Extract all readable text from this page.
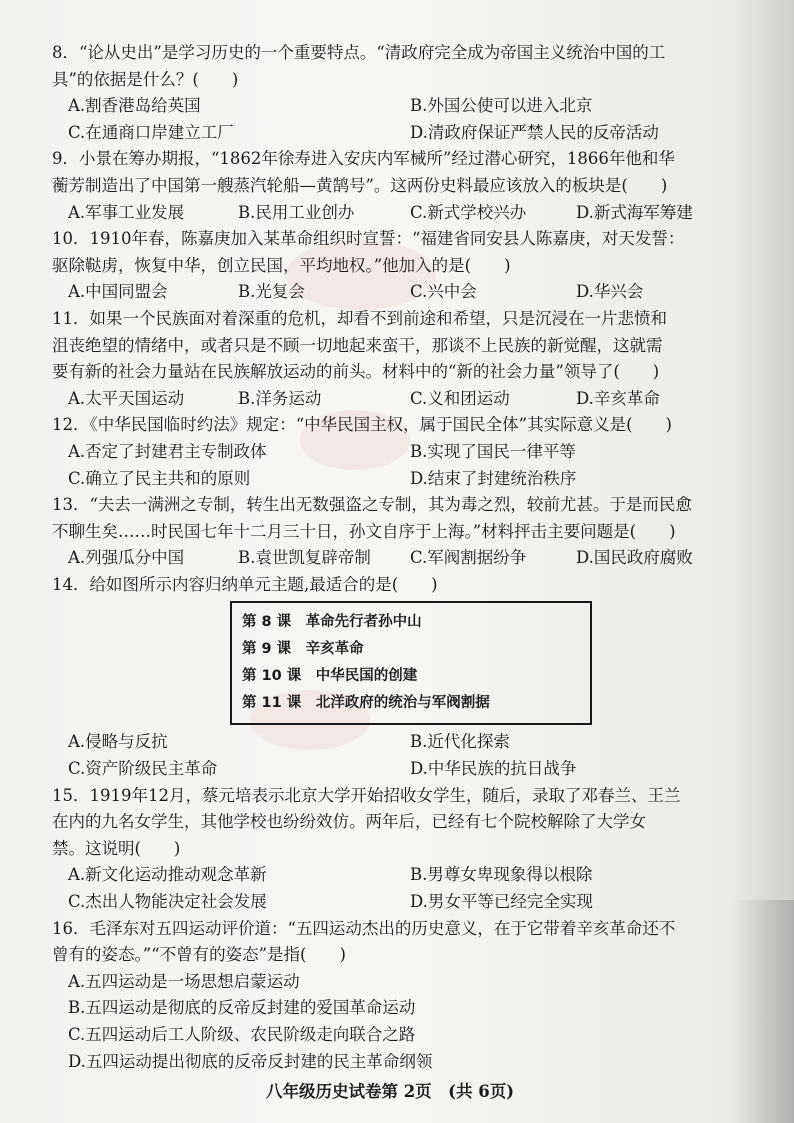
8．“论从史出”是学习历史的一个重要特点。“清政府完全成为帝国主义统治中国的工
具”的依据是什么？(　　)
A.割香港岛给英国	B.外国公使可以进入北京
C.在通商口岸建立工厂	D.清政府保证严禁人民的反帝活动
9．小景在筹办期报，“1862年徐寿进入安庆内军械所”经过潜心研究，1866年他和华
蘅芳制造出了中国第一艘蒸汽轮船—黄鹄号”。这两份史料最应该放入的板块是(　　)
A.军事工业发展	B.民用工业创办	C.新式学校兴办	D.新式海军筹建
10．1910年春，陈嘉庚加入某革命组织时宣誓：“福建省同安县人陈嘉庚，对天发誓：
驱除鞑虏，恢复中华，创立民国，平均地权。”他加入的是(　　)
A.中国同盟会	B.光复会	C.兴中会	D.华兴会
11．如果一个民族面对着深重的危机，却看不到前途和希望，只是沉浸在一片悲愤和
沮丧绝望的情绪中，或者只是不顾一切地起来蛮干，那谈不上民族的新觉醒，这就需
要有新的社会力量站在民族解放运动的前头。材料中的“新的社会力量”领导了(　　)
A.太平天国运动	B.洋务运动	C.义和团运动	D.辛亥革命
12．《中华民国临时约法》规定：“中华民国主权，属于国民全体”其实际意义是(　　)
A.否定了封建君主专制政体	B.实现了国民一律平等
C.确立了民主共和的原则	D.结束了封建统治秩序
13．“夫去一满洲之专制，转生出无数强盗之专制，其为毒之烈，较前尤甚。于是而民愈
不聊生矣……时民国七年十二月三十日，孙文自序于上海。”材料抨击主要问题是(　　)
A.列强瓜分中国	B.袁世凯复辟帝制 C.军阀割据纷争	D.国民政府腐败
14．给如图所示内容归纳单元主题,最适合的是(　　)
第 8 课　革命先行者孙中山
第 9 课　辛亥革命
第 10 课　中华民国的创建
第 11 课　北洋政府的统治与军阀割据
A.侵略与反抗	B.近代化探索
C.资产阶级民主革命	D.中华民族的抗日战争
15．1919年12月，蔡元培表示北京大学开始招收女学生，随后，录取了邓春兰、王兰
在内的九名女学生，其他学校也纷纷效仿。两年后，已经有七个院校解除了大学女
禁。这说明(　　)
A.新文化运动推动观念革新	B.男尊女卑现象得以根除
C.杰出人物能决定社会发展	D.男女平等已经完全实现
16．毛泽东对五四运动评价道：“五四运动杰出的历史意义，在于它带着辛亥革命还不
曾有的姿态。”“不曾有的姿态”是指(　　)
A.五四运动是一场思想启蒙运动
B.五四运动是彻底的反帝反封建的爱国革命运动
C.五四运动后工人阶级、农民阶级走向联合之路
D.五四运动提出彻底的反帝反封建的民主革命纲领
八年级历史试卷第 2页　(共 6页)
